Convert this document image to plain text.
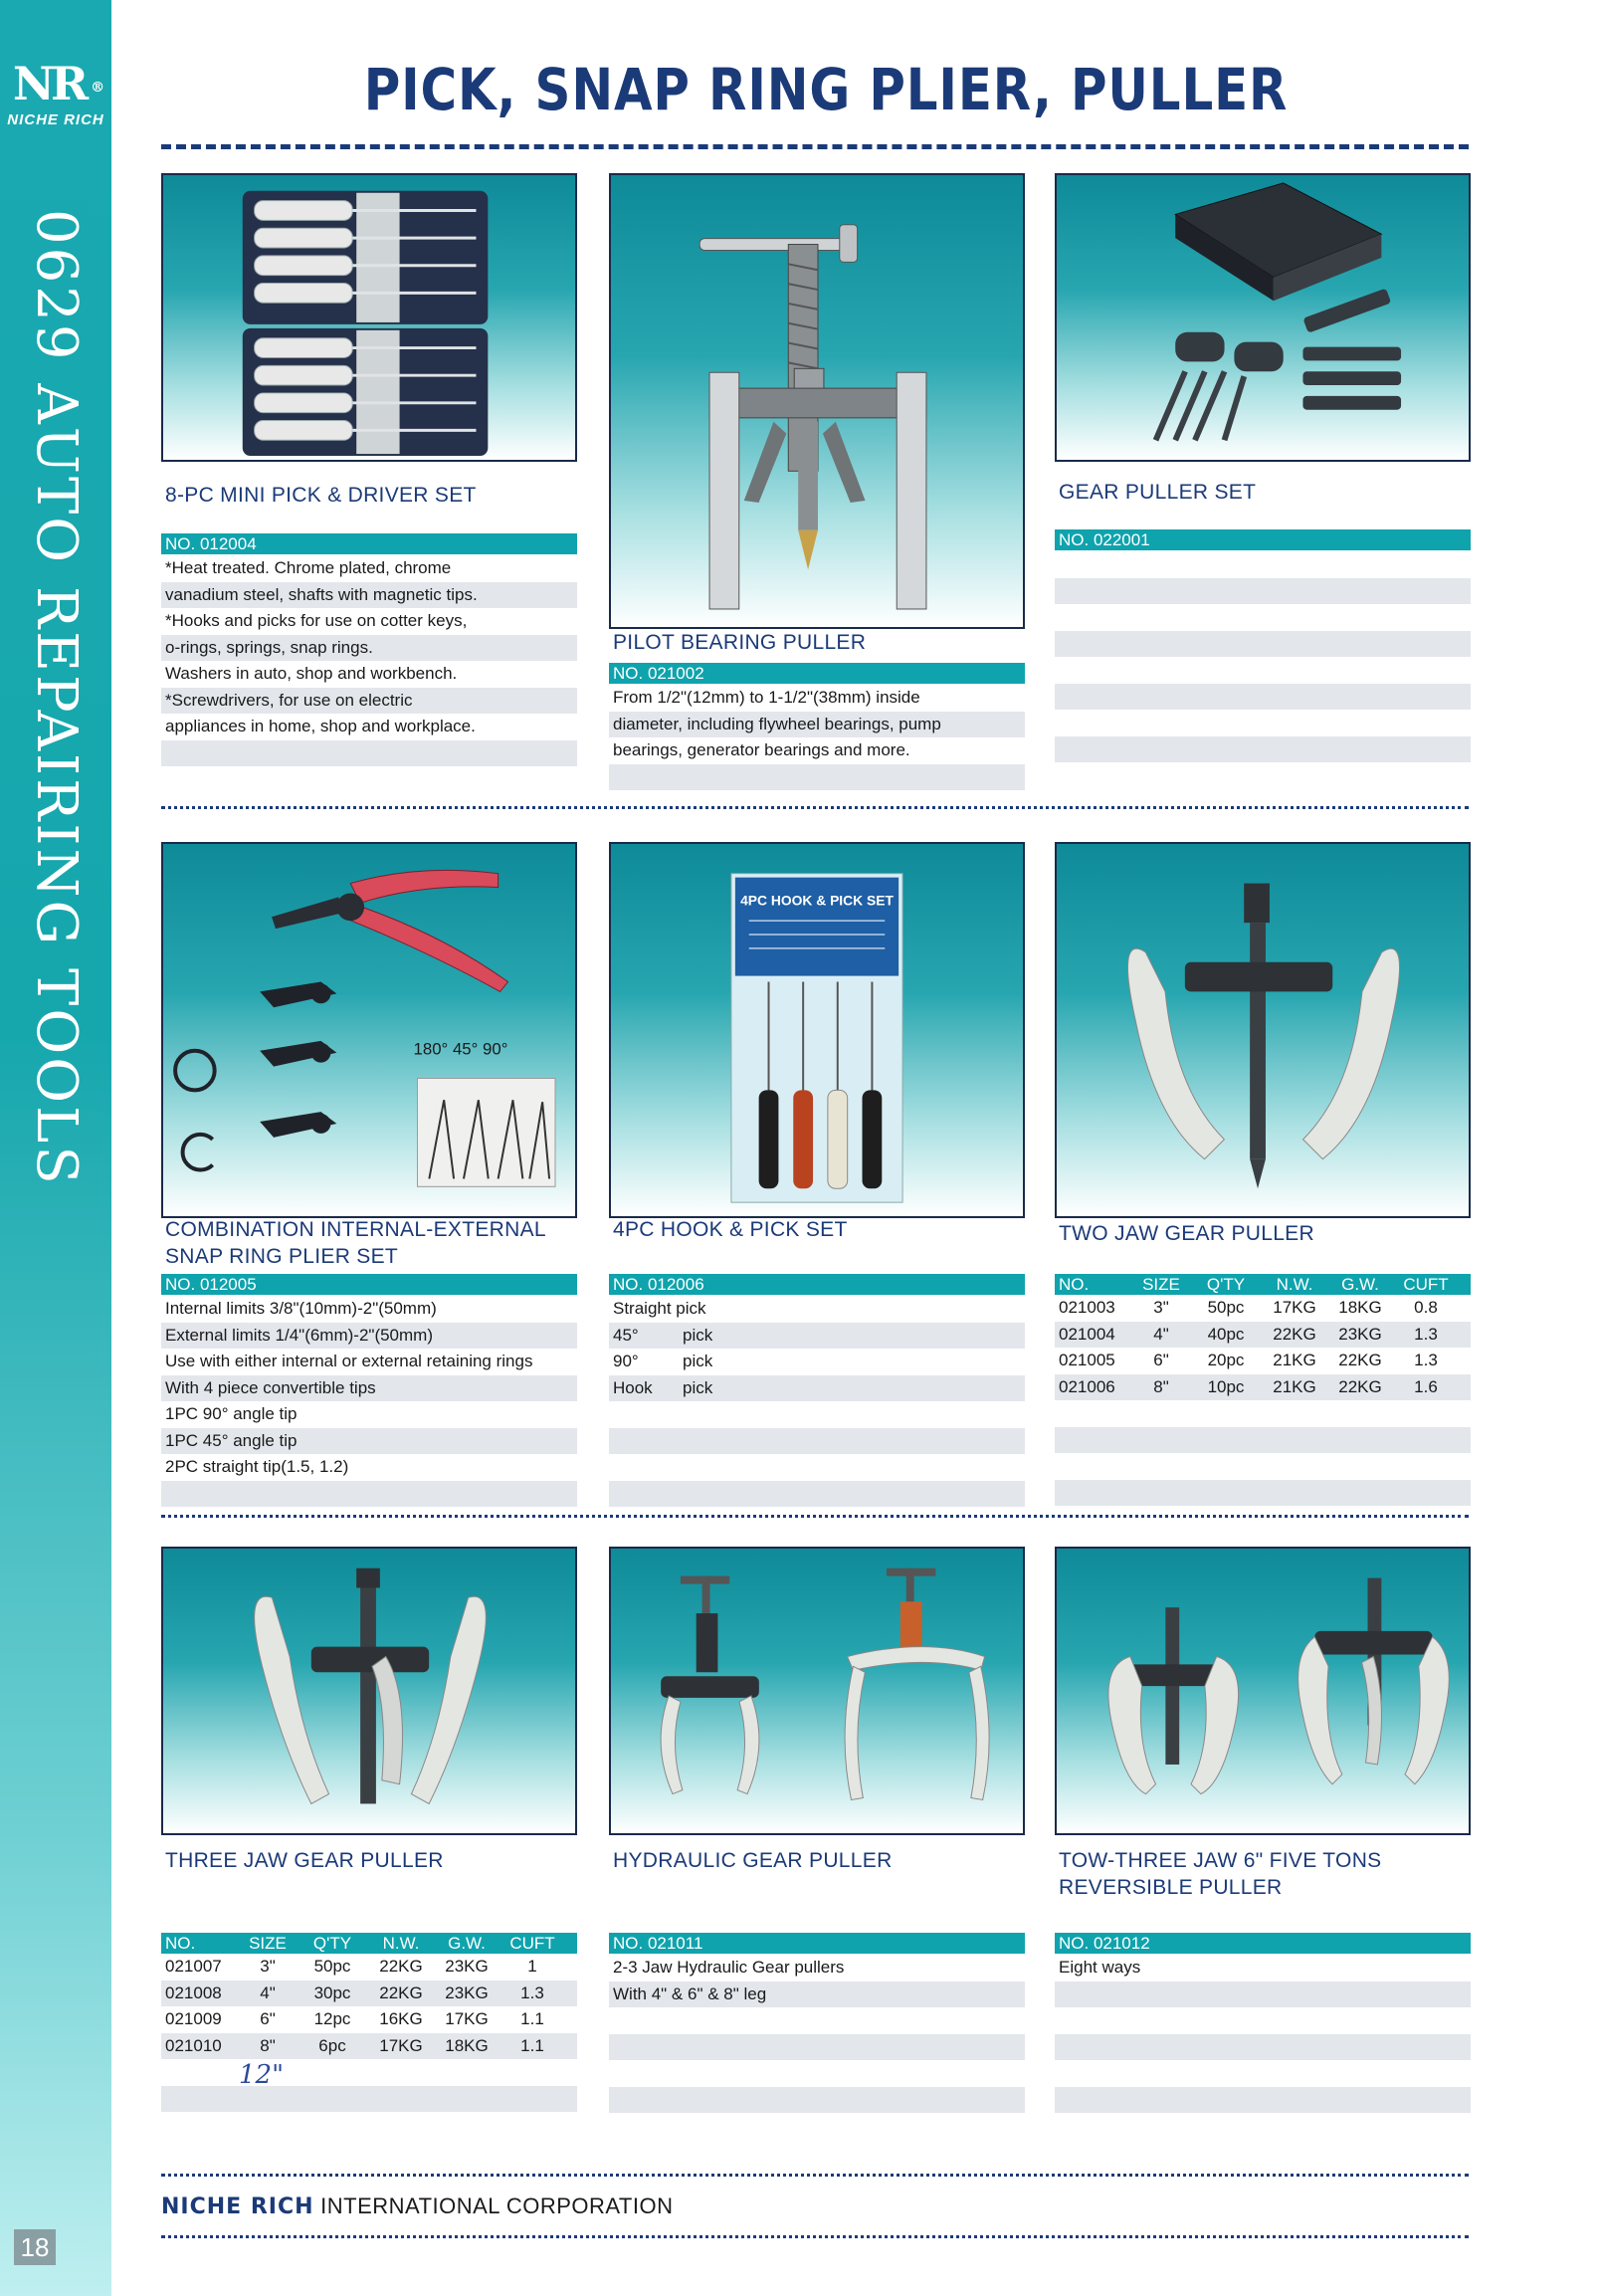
NR ®
NICHE RICH
0629 AUTO REPAIRING TOOLS
18
PICK, SNAP RING PLIER, PULLER
8-PC MINI PICK & DRIVER SET
NO. 012004
*Heat treated. Chrome plated, chrome
vanadium steel, shafts with magnetic tips.
*Hooks and picks for use on cotter keys,
o-rings, springs, snap rings.
Washers in auto, shop and workbench.
*Screwdrivers, for use on electric
appliances in home, shop and workplace.
PILOT BEARING PULLER
NO. 021002
From 1/2"(12mm) to 1-1/2"(38mm) inside
diameter, including flywheel bearings, pump
bearings, generator bearings and more.
GEAR PULLER SET
NO. 022001
180° 45° 90°
COMBINATION INTERNAL-EXTERNAL
SNAP RING PLIER SET
NO. 012005
Internal limits 3/8"(10mm)-2"(50mm)
External limits 1/4"(6mm)-2"(50mm)
Use with either internal or external retaining rings
With 4 piece convertible tips
1PC 90° angle tip
1PC 45° angle tip
2PC straight tip(1.5, 1.2)
4PC HOOK & PICK SET
4PC HOOK & PICK SET
NO. 012006
Straight pick
45°	pick
90°	pick
Hook pick
TWO JAW GEAR PULLER
NO.	SIZE	Q'TY	N.W.	G.W.	CUFT
021003	3"	50pc	17KG	18KG	0.8
021004	4"	40pc	22KG	23KG	1.3
021005	6"	20pc	21KG	22KG	1.3
021006	8"	10pc	21KG	22KG	1.6
THREE JAW GEAR PULLER
NO.	SIZE	Q'TY	N.W.	G.W.	CUFT
021007	3"	50pc	22KG	23KG	1
021008	4"	30pc	22KG	23KG	1.3
021009	6"	12pc	16KG	17KG	1.1
021010	8"	6pc	17KG	18KG	1.1
12"
HYDRAULIC GEAR PULLER
NO. 021011
2-3 Jaw Hydraulic Gear pullers
With 4" & 6" & 8" leg
TOW-THREE JAW 6" FIVE TONS
REVERSIBLE PULLER
NO. 021012
Eight ways
NICHE RICH INTERNATIONAL CORPORATION
